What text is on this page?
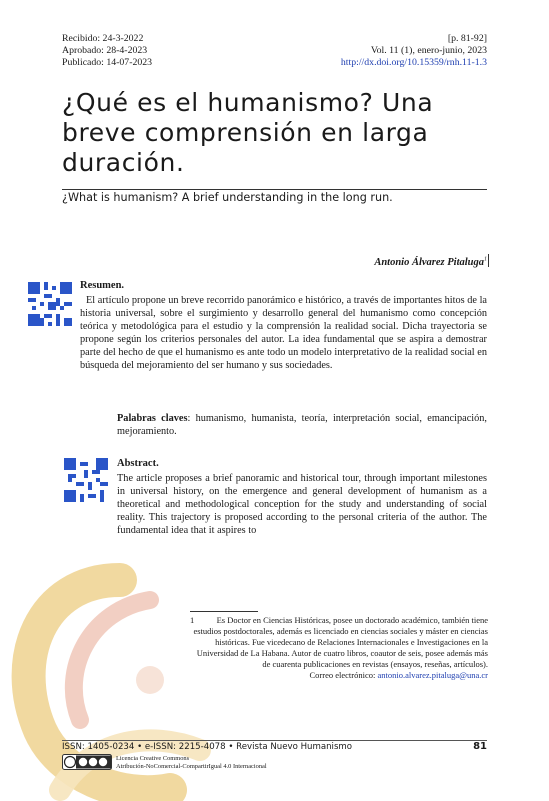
Recibido: 24-3-2022
Aprobado: 28-4-2023
Publicado: 14-07-2023
[p. 81-92]
Vol. 11 (1), enero-junio, 2023
http://dx.doi.org/10.15359/rnh.11-1.3
¿Qué es el humanismo? Una breve comprensión en larga duración.
¿What is humanism? A brief understanding in the long run.
Antonio Álvarez Pitaluga$^1$
Resumen.
El artículo propone un breve recorrido panorámico e histórico, a través de importantes hitos de la historia universal, sobre el surgimiento y desarrollo general del humanismo como concepción teórica y metodológica para el estudio y la comprensión la realidad social. Dicha trayectoria se propone según los criterios personales del autor. La idea fundamental que se aspira a demostrar parte del hecho de que el humanismo es ante todo un modelo interpretativo de la realidad social en búsqueda del mejoramiento del ser humano y sus sociedades.
Palabras claves: humanismo, humanista, teoría, interpretación social, emancipación, mejoramiento.
Abstract.
The article proposes a brief panoramic and historical tour, through important milestones in universal history, on the emergence and general development of humanism as a theoretical and methodological conception for the study and understanding of social reality. This trajectory is proposed according to the personal criteria of the author. The fundamental idea that it aspires to
1	Es Doctor en Ciencias Históricas, posee un doctorado académico, también tiene estudios postdoctorales, además es licenciado en ciencias sociales y máster en ciencias históricas. Fue vicedecano de Relaciones Internacionales e Investigaciones en la Universidad de La Habana. Autor de cuatro libros, coautor de seis, posee además más de cuarenta publicaciones en revistas (ensayos, reseñas, artículos).
Correo electrónico: antonio.alvarez.pitaluga@una.cr
ISSN: 1405-0234 • e-ISSN: 2215-4078 • Revista Nuevo Humanismo	81
Licencia Creative Commons
Atribución-NoComercial-CompartirIgual 4.0 Internacional
